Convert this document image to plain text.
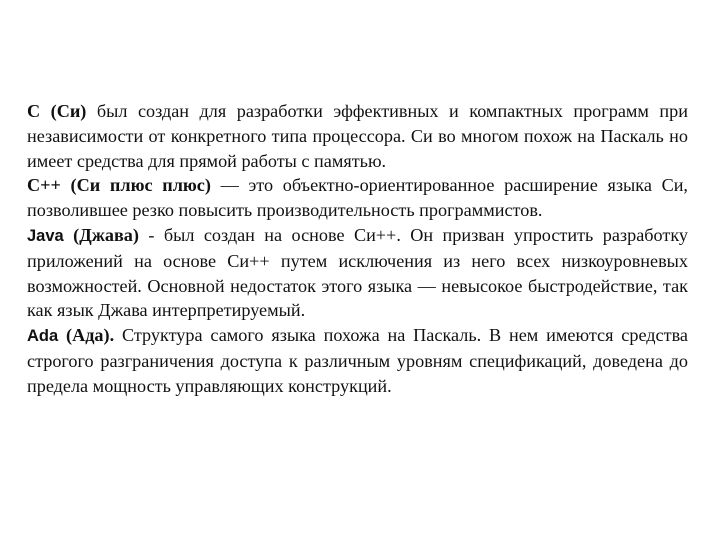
С (Си) был создан для разработки эффективных и компактных программ при независимости от конкретного типа процессора. Си во многом похож на Паскаль но имеет средства для прямой работы с памятью.

С++ (Си плюс плюс) — это объектно-ориентированное расширение языка Си, позволившее резко повысить производительность программистов.

Java (Джава) - был создан на основе Си++. Он призван упростить разработку приложений на основе Си++ путем исключения из него всех низкоуровневых возможностей. Основной недостаток этого языка — невысокое быстродействие, так как язык Джава интерпретируемый.

Ada (Ада). Структура самого языка похожа на Паскаль. В нем имеются средства строгого разграничения доступа к различным уровням спецификаций, доведена до предела мощность управляющих конструкций.
